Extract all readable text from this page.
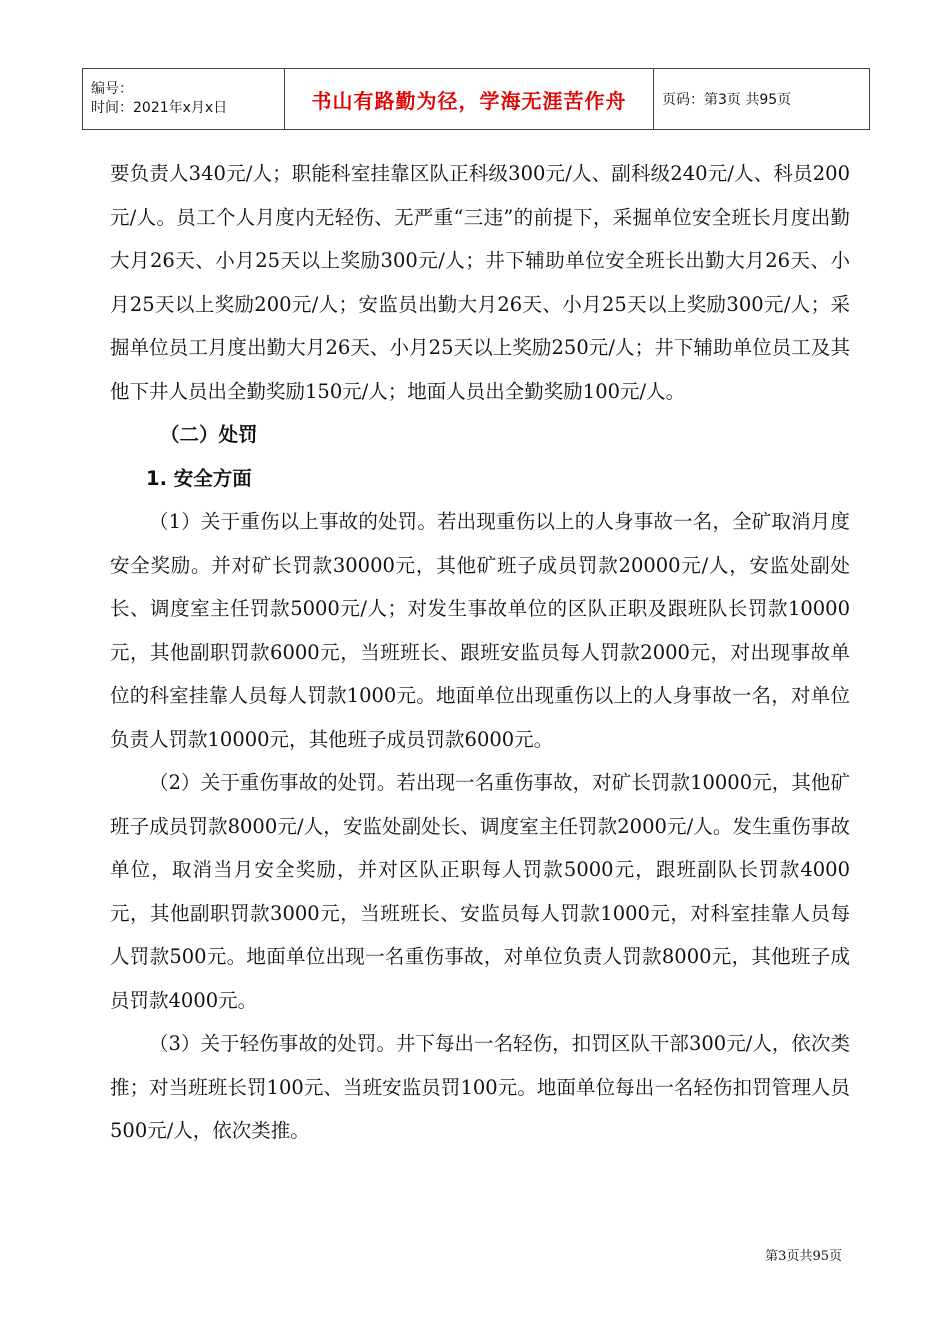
编号：
时间：2021年x月x日	书山有路勤为径，学海无涯苦作舟	页码：第3页 共95页

要负责人340元/人；职能科室挂靠区队正科级300元/人、副科级240元/人、科员200元/人。员工个人月度内无轻伤、无严重“三违”的前提下，采掘单位安全班长月度出勤大月26天、小月25天以上奖励300元/人；井下辅助单位安全班长出勤大月26天、小月25天以上奖励200元/人；安监员出勤大月26天、小月25天以上奖励300元/人；采掘单位员工月度出勤大月26天、小月25天以上奖励250元/人；井下辅助单位员工及其他下井人员出全勤奖励150元/人；地面人员出全勤奖励100元/人。

（二）处罚

1. 安全方面

（1）关于重伤以上事故的处罚。若出现重伤以上的人身事故一名，全矿取消月度安全奖励。并对矿长罚款30000元，其他矿班子成员罚款20000元/人，安监处副处长、调度室主任罚款5000元/人；对发生事故单位的区队正职及跟班队长罚款10000元，其他副职罚款6000元，当班班长、跟班安监员每人罚款2000元，对出现事故单位的科室挂靠人员每人罚款1000元。地面单位出现重伤以上的人身事故一名，对单位负责人罚款10000元，其他班子成员罚款6000元。

（2）关于重伤事故的处罚。若出现一名重伤事故，对矿长罚款10000元，其他矿班子成员罚款8000元/人，安监处副处长、调度室主任罚款2000元/人。发生重伤事故单位，取消当月安全奖励，并对区队正职每人罚款5000元，跟班副队长罚款4000元，其他副职罚款3000元，当班班长、安监员每人罚款1000元，对科室挂靠人员每人罚款500元。地面单位出现一名重伤事故，对单位负责人罚款8000元，其他班子成员罚款4000元。

（3）关于轻伤事故的处罚。井下每出一名轻伤，扣罚区队干部300元/人，依次类推；对当班班长罚100元、当班安监员罚100元。地面单位每出一名轻伤扣罚管理人员500元/人，依次类推。

第3页共95页
